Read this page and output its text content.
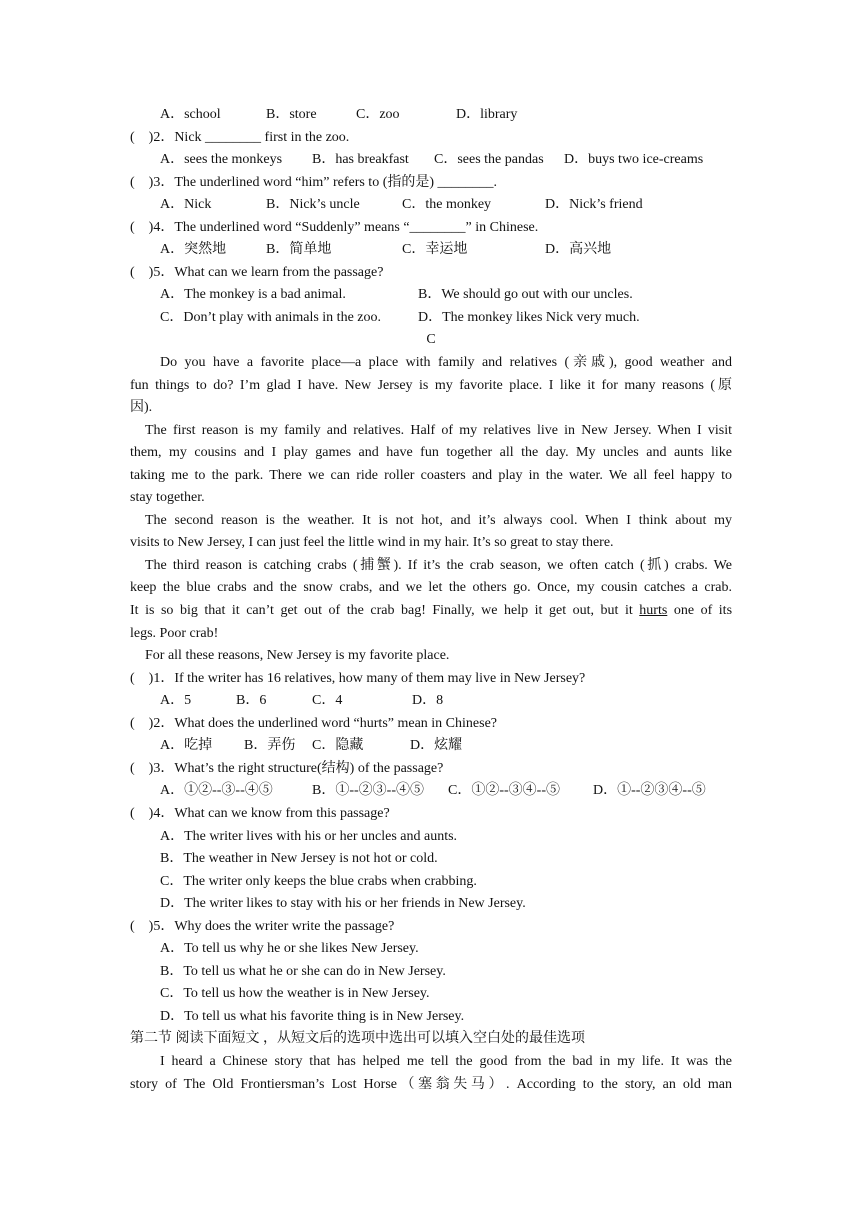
A．school	B．store	C．zoo	D．library
(    )2．Nick ________ first in the zoo.
A．sees the monkeys	B．has breakfast	C．sees the pandas	D．buys two ice-creams
(    )3．The underlined word “him” refers to (指的是) ________.
A．Nick	B．Nick’s uncle	C．the monkey	D．Nick’s friend
(    )4．The underlined word “Suddenly” means “________” in Chinese.
A．突然地	B．简单地	C．幸运地	D．高兴地
(    )5．What can we learn from the passage?
A．The monkey is a bad animal.	B．We should go out with our uncles.
C．Don’t play with animals in the zoo.	D．The monkey likes Nick very much.
C
Do you have a favorite place—a place with family and relatives (亲戚), good weather and
fun things to do? I’m glad I have. New Jersey is my favorite place. I like it for many reasons (原
因).
The first reason is my family and relatives. Half of my relatives live in New Jersey. When I visit
them, my cousins and I play games and have fun together all the day. My uncles and aunts like
taking me to the park. There we can ride roller coasters and play in the water. We all feel happy to
stay together.
The second reason is the weather. It is not hot, and it’s always cool. When I think about my
visits to New Jersey, I can just feel the little wind in my hair. It’s so great to stay there.
The third reason is catching crabs (捕蟹). If it’s the crab season, we often catch (抓) crabs. We
keep the blue crabs and the snow crabs, and we let the others go. Once, my cousin catches a crab.
It is so big that it can’t get out of the crab bag! Finally, we help it get out, but it hurts one of its
legs. Poor crab!
For all these reasons, New Jersey is my favorite place.
(    )1．If the writer has 16 relatives, how many of them may live in New Jersey?
A．5	B．6	C．4	D．8
(    )2．What does the underlined word “hurts” mean in Chinese?
A．吃掉	B．弄伤	C．隐藏	D．炫耀
(    )3．What’s the right structure(结构) of the passage?
A．①②--③--④⑤	B．①--②③--④⑤	C．①②--③④--⑤	D．①--②③④--⑤
(    )4．What can we know from this passage?
A．The writer lives with his or her uncles and aunts.
B．The weather in New Jersey is not hot or cold.
C．The writer only keeps the blue crabs when crabbing.
D．The writer likes to stay with his or her friends in New Jersey.
(    )5．Why does the writer write the passage?
A．To tell us why he or she likes New Jersey.
B．To tell us what he or she can do in New Jersey.
C．To tell us how the weather is in New Jersey.
D．To tell us what his favorite thing is in New Jersey.
第二节 阅读下面短文 ，从短文后的选项中选出可以填入空白处的最佳选项
I heard a Chinese story that has helped me tell the good from the bad in my life. It was the
story of The Old Frontiersman’s Lost Horse（塞翁失马）. According to the story, an old man
